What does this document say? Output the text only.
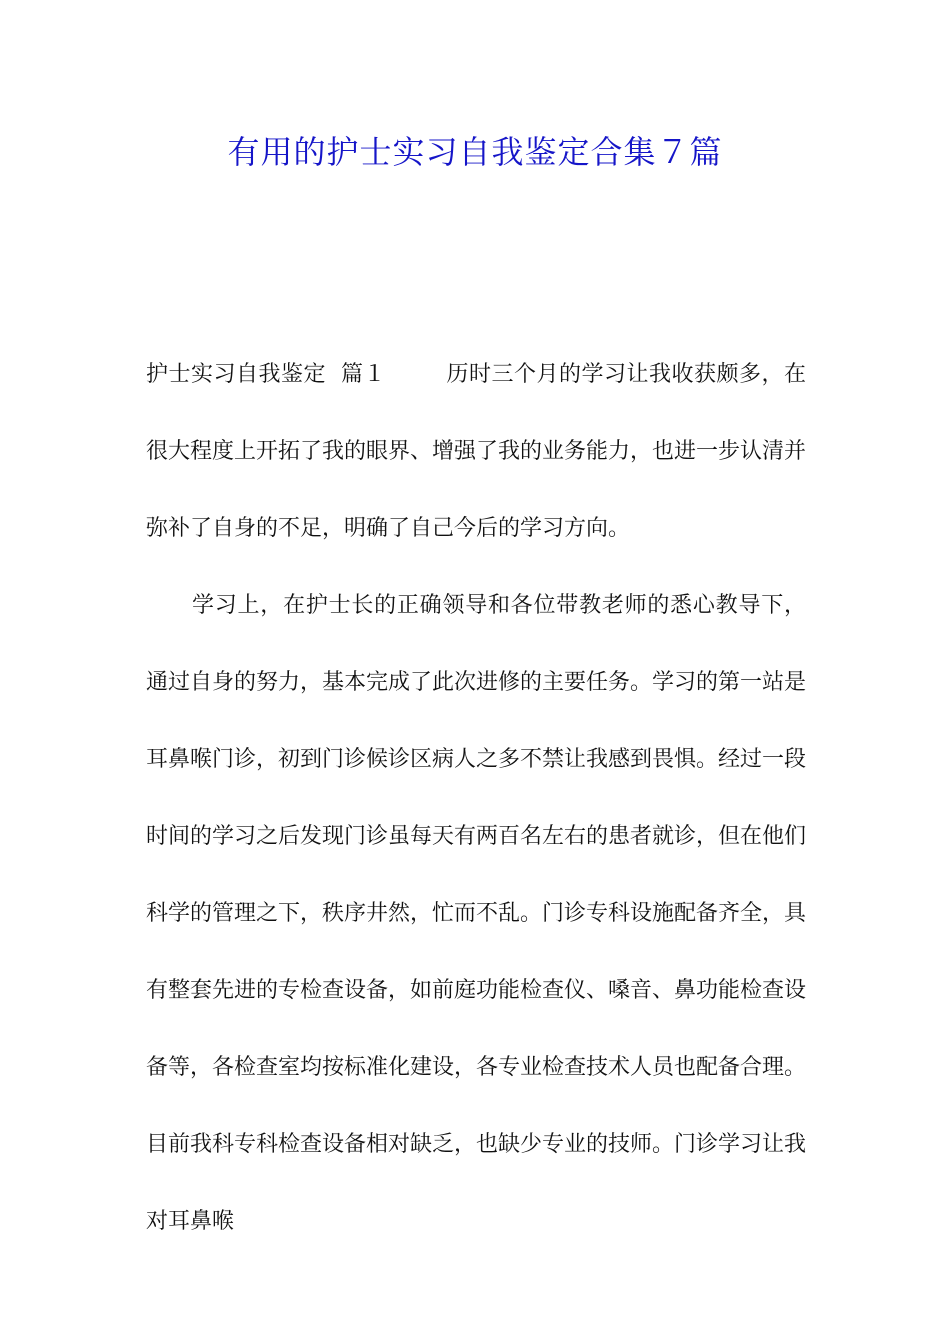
有用的护士实习自我鉴定合集７篇

护士实习自我鉴定  篇１	历时三个月的学习让我收获颇多，在很大程度上开拓了我的眼界、增强了我的业务能力，也进一步认清并弥补了自身的不足，明确了自己今后的学习方向。

学习上，在护士长的正确领导和各位带教老师的悉心教导下，通过自身的努力，基本完成了此次进修的主要任务。学习的第一站是耳鼻喉门诊，初到门诊候诊区病人之多不禁让我感到畏惧。经过一段时间的学习之后发现门诊虽每天有两百名左右的患者就诊，但在他们科学的管理之下，秩序井然，忙而不乱。门诊专科设施配备齐全，具有整套先进的专检查设备，如前庭功能检查仪、嗓音、鼻功能检查设备等，各检查室均按标准化建设，各专业检查技术人员也配备合理。目前我科专科检查设备相对缺乏，也缺少专业的技师。门诊学习让我对耳鼻喉
